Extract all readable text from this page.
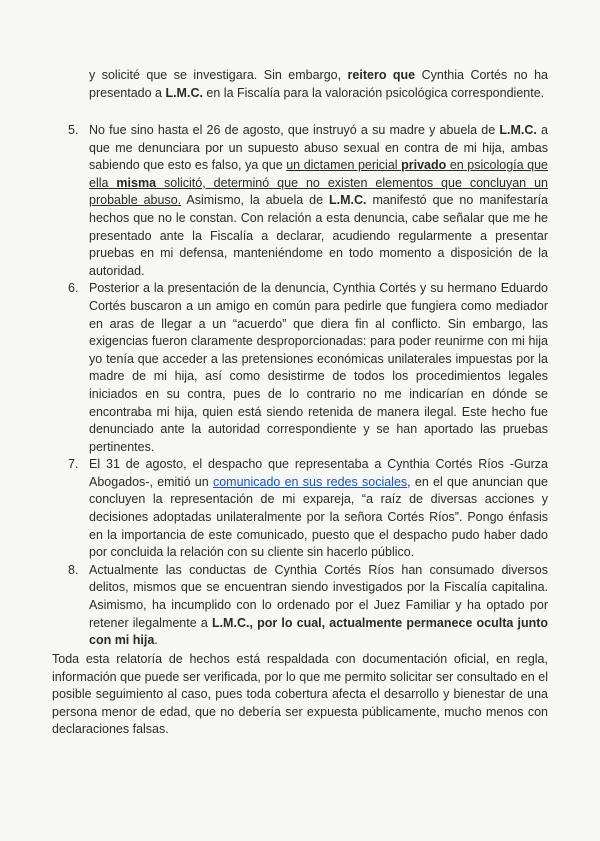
y solicité que se investigara. Sin embargo, reitero que Cynthia Cortés no ha presentado a L.M.C. en la Fiscalía para la valoración psicológica correspondiente.
5. No fue sino hasta el 26 de agosto, que instruyó a su madre y abuela de L.M.C. a que me denunciara por un supuesto abuso sexual en contra de mi hija, ambas sabiendo que esto es falso, ya que un dictamen pericial privado en psicología que ella misma solicitó, determinó que no existen elementos que concluyan un probable abuso. Asimismo, la abuela de L.M.C. manifestó que no manifestaría hechos que no le constan. Con relación a esta denuncia, cabe señalar que me he presentado ante la Fiscalía a declarar, acudiendo regularmente a presentar pruebas en mi defensa, manteniéndome en todo momento a disposición de la autoridad.
6. Posterior a la presentación de la denuncia, Cynthia Cortés y su hermano Eduardo Cortés buscaron a un amigo en común para pedirle que fungiera como mediador en aras de llegar a un “acuerdo” que diera fin al conflicto. Sin embargo, las exigencias fueron claramente desproporcionadas: para poder reunirme con mi hija yo tenía que acceder a las pretensiones económicas unilaterales impuestas por la madre de mi hija, así como desistirme de todos los procedimientos legales iniciados en su contra, pues de lo contrario no me indicarían en dónde se encontraba mi hija, quien está siendo retenida de manera ilegal. Este hecho fue denunciado ante la autoridad correspondiente y se han aportado las pruebas pertinentes.
7. El 31 de agosto, el despacho que representaba a Cynthia Cortés Ríos -Gurza Abogados-, emitió un comunicado en sus redes sociales, en el que anuncian que concluyen la representación de mi expareja, “a raíz de diversas acciones y decisiones adoptadas unilateralmente por la señora Cortés Ríos”. Pongo énfasis en la importancia de este comunicado, puesto que el despacho pudo haber dado por concluida la relación con su cliente sin hacerlo público.
8. Actualmente las conductas de Cynthia Cortés Ríos han consumado diversos delitos, mismos que se encuentran siendo investigados por la Fiscalía capitalina. Asimismo, ha incumplido con lo ordenado por el Juez Familiar y ha optado por retener ilegalmente a L.M.C., por lo cual, actualmente permanece oculta junto con mi hija.
Toda esta relatoría de hechos está respaldada con documentación oficial, en regla, información que puede ser verificada, por lo que me permito solicitar ser consultado en el posible seguimiento al caso, pues toda cobertura afecta el desarrollo y bienestar de una persona menor de edad, que no debería ser expuesta públicamente, mucho menos con declaraciones falsas.
